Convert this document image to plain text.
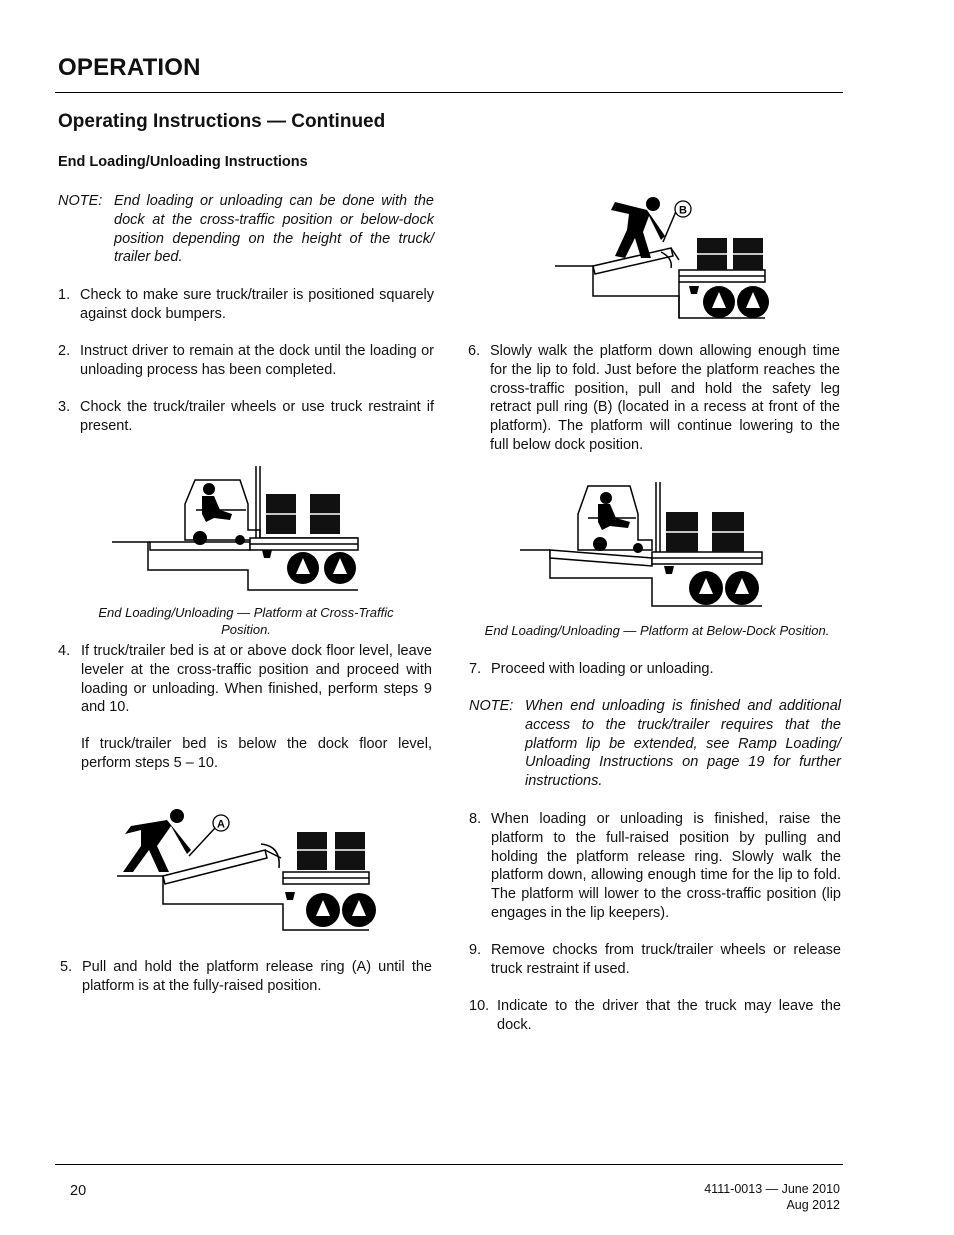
OPERATION
Operating Instructions — Continued
End Loading/Unloading Instructions
NOTE: End loading or unloading can be done with the dock at the cross-traffic position or below-dock position depending on the height of the truck/ trailer bed.
1. Check to make sure truck/trailer is positioned squarely against dock bumpers.
2. Instruct driver to remain at the dock until the loading or unloading process has been completed.
3. Chock the truck/trailer wheels or use truck restraint if present.
End Loading/Unloading — Platform at Cross-Traffic Position.
4. If truck/trailer bed is at or above dock floor level, leave leveler at the cross-traffic position and proceed with loading or unloading. When finished, perform steps 9 and 10.
If truck/trailer bed is below the dock floor level, perform steps 5 – 10.
A
5. Pull and hold the platform release ring (A) until the platform is at the fully-raised position.
B
6. Slowly walk the platform down allowing enough time for the lip to fold. Just before the platform reaches the cross-traffic position, pull and hold the safety leg retract pull ring (B) (located in a recess at front of the platform). The platform will continue lowering to the full below dock position.
End Loading/Unloading — Platform at Below-Dock Position.
7. Proceed with loading or unloading.
NOTE: When end unloading is finished and additional access to the truck/trailer requires that the platform lip be extended, see Ramp Loading/ Unloading Instructions on page 19 for further instructions.
8. When loading or unloading is finished, raise the platform to the full-raised position by pulling and holding the platform release ring. Slowly walk the platform down, allowing enough time for the lip to fold. The platform will lower to the cross-traffic position (lip engages in the lip keepers).
9. Remove chocks from truck/trailer wheels or release truck restraint if used.
10. Indicate to the driver that the truck may leave the dock.
20	4111-0013 — June 2010
Aug 2012
